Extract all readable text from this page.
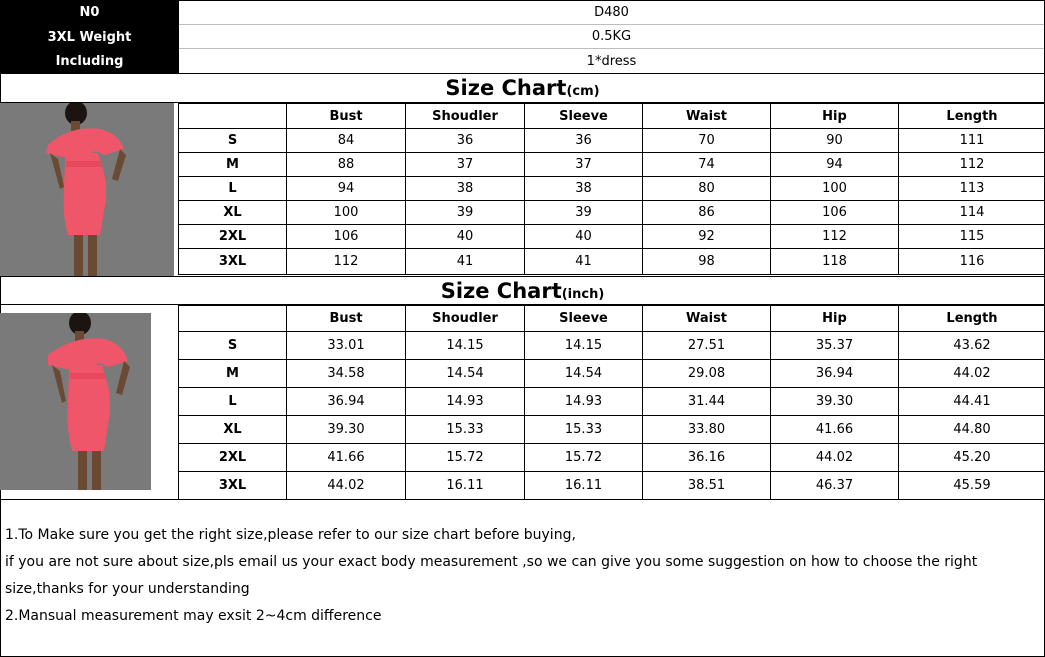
N0	D480
3XL Weight	0.5KG
Including	1*dress
Size Chart(cm)
	Bust	Shoudler	Sleeve	Waist	Hip	Length
S	84	36	36	70	90	111
M	88	37	37	74	94	112
L	94	38	38	80	100	113
XL	100	39	39	86	106	114
2XL	106	40	40	92	112	115
3XL	112	41	41	98	118	116
Size Chart(inch)
	Bust	Shoudler	Sleeve	Waist	Hip	Length
S	33.01	14.15	14.15	27.51	35.37	43.62
M	34.58	14.54	14.54	29.08	36.94	44.02
L	36.94	14.93	14.93	31.44	39.30	44.41
XL	39.30	15.33	15.33	33.80	41.66	44.80
2XL	41.66	15.72	15.72	36.16	44.02	45.20
3XL	44.02	16.11	16.11	38.51	46.37	45.59

1.To Make sure you get the right size,please refer to our size chart before buying,

if you are not sure about size,pls email us your exact body measurement ,so we can give you some suggestion on how to choose the right

size,thanks for your understanding

2.Mansual measurement may exsit 2~4cm difference
